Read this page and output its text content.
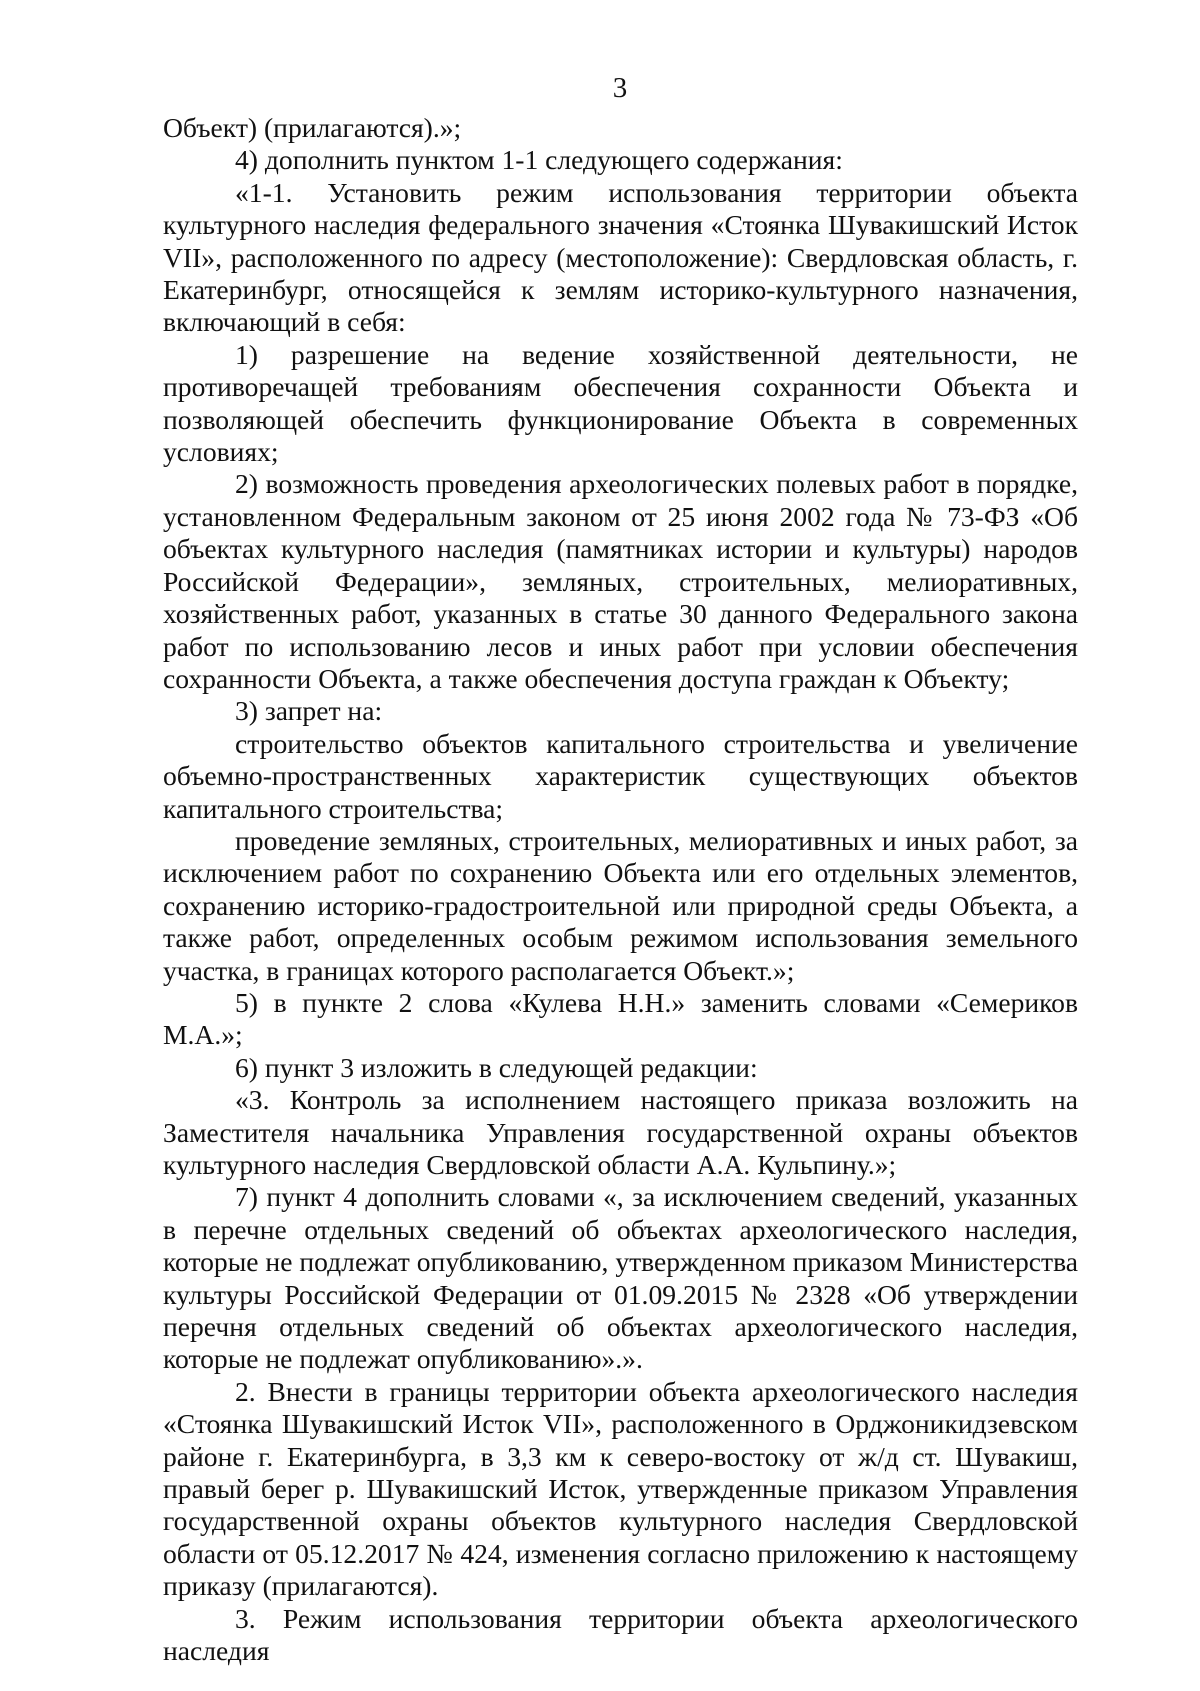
3

Объект) (прилагаются).»;

4) дополнить пунктом 1-1 следующего содержания:

«1-1. Установить режим использования территории объекта культурного наследия федерального значения «Стоянка Шувакишский Исток VII», расположенного по адресу (местоположение): Свердловская область, г. Екатеринбург, относящейся к землям историко-культурного назначения, включающий в себя:

1) разрешение на ведение хозяйственной деятельности, не противоречащей требованиям обеспечения сохранности Объекта и позволяющей обеспечить функционирование Объекта в современных условиях;

2) возможность проведения археологических полевых работ в порядке, установленном Федеральным законом от 25 июня 2002 года № 73-ФЗ «Об объектах культурного наследия (памятниках истории и культуры) народов Российской Федерации», земляных, строительных, мелиоративных, хозяйственных работ, указанных в статье 30 данного Федерального закона работ по использованию лесов и иных работ при условии обеспечения сохранности Объекта, а также обеспечения доступа граждан к Объекту;

3) запрет на:

строительство объектов капитального строительства и увеличение объемно-пространственных характеристик существующих объектов капитального строительства;

проведение земляных, строительных, мелиоративных и иных работ, за исключением работ по сохранению Объекта или его отдельных элементов, сохранению историко-градостроительной или природной среды Объекта, а также работ, определенных особым режимом использования земельного участка, в границах которого располагается Объект.»;

5) в пункте 2 слова «Кулева Н.Н.» заменить словами «Семериков М.А.»;

6) пункт 3 изложить в следующей редакции:

«3. Контроль за исполнением настоящего приказа возложить на Заместителя начальника Управления государственной охраны объектов культурного наследия Свердловской области А.А. Кульпину.»;

7) пункт 4 дополнить словами «, за исключением сведений, указанных в перечне отдельных сведений об объектах археологического наследия, которые не подлежат опубликованию, утвержденном приказом Министерства культуры Российской Федерации от 01.09.2015 № 2328 «Об утверждении перечня отдельных сведений об объектах археологического наследия, которые не подлежат опубликованию».».

2. Внести в границы территории объекта археологического наследия «Стоянка Шувакишский Исток VII», расположенного в Орджоникидзевском районе г. Екатеринбурга, в 3,3 км к северо-востоку от ж/д ст. Шувакиш, правый берег р. Шувакишский Исток, утвержденные приказом Управления государственной охраны объектов культурного наследия Свердловской области от 05.12.2017 № 424, изменения согласно приложению к настоящему приказу (прилагаются).

3. Режим использования территории объекта археологического наследия
